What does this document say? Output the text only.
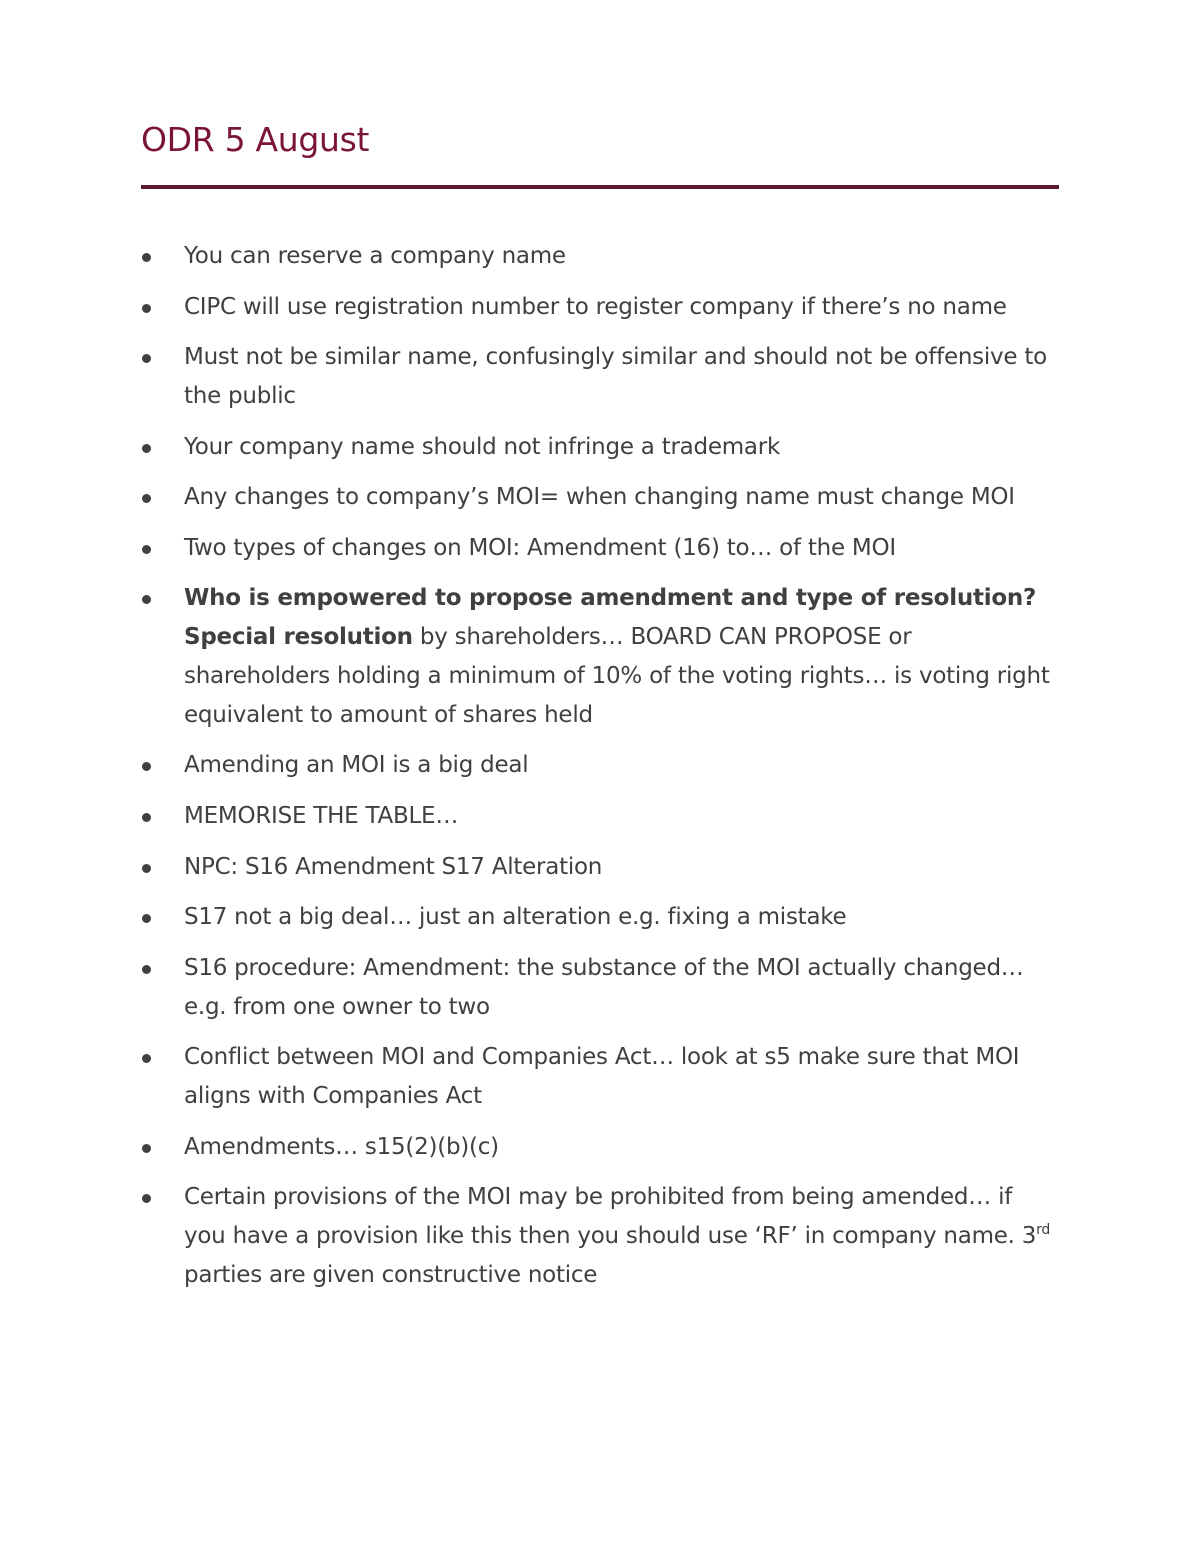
ODR 5 August
You can reserve a company name
CIPC will use registration number to register company if there’s no name
Must not be similar name, confusingly similar and should not be offensive to the public
Your company name should not infringe a trademark
Any changes to company’s MOI= when changing name must change MOI
Two types of changes on MOI: Amendment (16) to… of the MOI
Who is empowered to propose amendment and type of resolution?
Special resolution by shareholders… BOARD CAN PROPOSE or shareholders holding a minimum of 10% of the voting rights… is voting right equivalent to amount of shares held
Amending an MOI is a big deal
MEMORISE THE TABLE…
NPC: S16 Amendment S17 Alteration
S17 not a big deal… just an alteration e.g. fixing a mistake
S16 procedure: Amendment: the substance of the MOI actually changed… e.g. from one owner to two
Conflict between MOI and Companies Act… look at s5 make sure that MOI aligns with Companies Act
Amendments… s15(2)(b)(c)
Certain provisions of the MOI may be prohibited from being amended… if you have a provision like this then you should use ‘RF’ in company name. 3rd parties are given constructive notice
